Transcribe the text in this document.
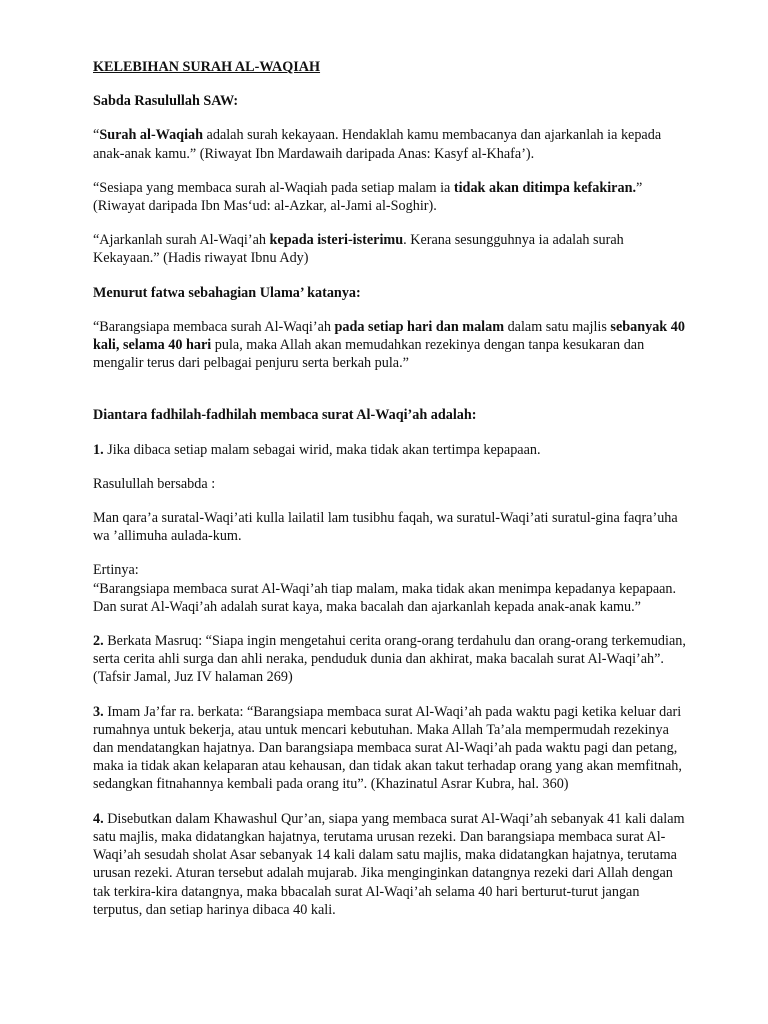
KELEBIHAN SURAH AL-WAQIAH

Sabda Rasulullah SAW:

“Surah al-Waqiah adalah surah kekayaan. Hendaklah kamu membacanya dan ajarkanlah ia kepada anak-anak kamu.” (Riwayat Ibn Mardawaih daripada Anas: Kasyf al-Khafa’).

“Sesiapa yang membaca surah al-Waqiah pada setiap malam ia tidak akan ditimpa kefakiran.” (Riwayat daripada Ibn Mas‘ud: al-Azkar, al-Jami al-Soghir).

“Ajarkanlah surah Al-Waqi’ah kepada isteri-isterimu. Kerana sesungguhnya ia adalah surah Kekayaan.” (Hadis riwayat Ibnu Ady)

Menurut fatwa sebahagian Ulama’ katanya:

“Barangsiapa membaca surah Al-Waqi’ah pada setiap hari dan malam dalam satu majlis sebanyak 40 kali, selama 40 hari pula, maka Allah akan memudahkan rezekinya dengan tanpa kesukaran dan mengalir terus dari pelbagai penjuru serta berkah pula.”

Diantara fadhilah-fadhilah membaca surat Al-Waqi’ah adalah:

1. Jika dibaca setiap malam sebagai wirid, maka tidak akan tertimpa kepapaan.

Rasulullah bersabda :

Man qara’a suratal-Waqi’ati kulla lailatil lam tusibhu faqah, wa suratul-Waqi’ati suratul-gina faqra’uha wa ’allimuha aulada-kum.

Ertinya:

“Barangsiapa membaca surat Al-Waqi’ah tiap malam, maka tidak akan menimpa kepadanya kepapaan. Dan surat Al-Waqi’ah adalah surat kaya, maka bacalah dan ajarkanlah kepada anak-anak kamu.”

2. Berkata Masruq: “Siapa ingin mengetahui cerita orang-orang terdahulu dan orang-orang terkemudian, serta cerita ahli surga dan ahli neraka, penduduk dunia dan akhirat, maka bacalah surat Al-Waqi’ah”. (Tafsir Jamal, Juz IV halaman 269)

3. Imam Ja’far ra. berkata: “Barangsiapa membaca surat Al-Waqi’ah pada waktu pagi ketika keluar dari rumahnya untuk bekerja, atau untuk mencari kebutuhan. Maka Allah Ta’ala mempermudah rezekinya dan mendatangkan hajatnya. Dan barangsiapa membaca surat Al-Waqi’ah pada waktu pagi dan petang, maka ia tidak akan kelaparan atau kehausan, dan tidak akan takut terhadap orang yang akan memfitnah, sedangkan fitnahannya kembali pada orang itu”. (Khazinatul Asrar Kubra, hal. 360)

4. Disebutkan dalam Khawashul Qur’an, siapa yang membaca surat Al-Waqi’ah sebanyak 41 kali dalam satu majlis, maka didatangkan hajatnya, terutama urusan rezeki. Dan barangsiapa membaca surat Al-Waqi’ah sesudah sholat Asar sebanyak 14 kali dalam satu majlis, maka didatangkan hajatnya, terutama urusan rezeki. Aturan tersebut adalah mujarab. Jika menginginkan datangnya rezeki dari Allah dengan tak terkira-kira datangnya, maka bbacalah surat Al-Waqi’ah selama 40 hari berturut-turut jangan terputus, dan setiap harinya dibaca 40 kali.
